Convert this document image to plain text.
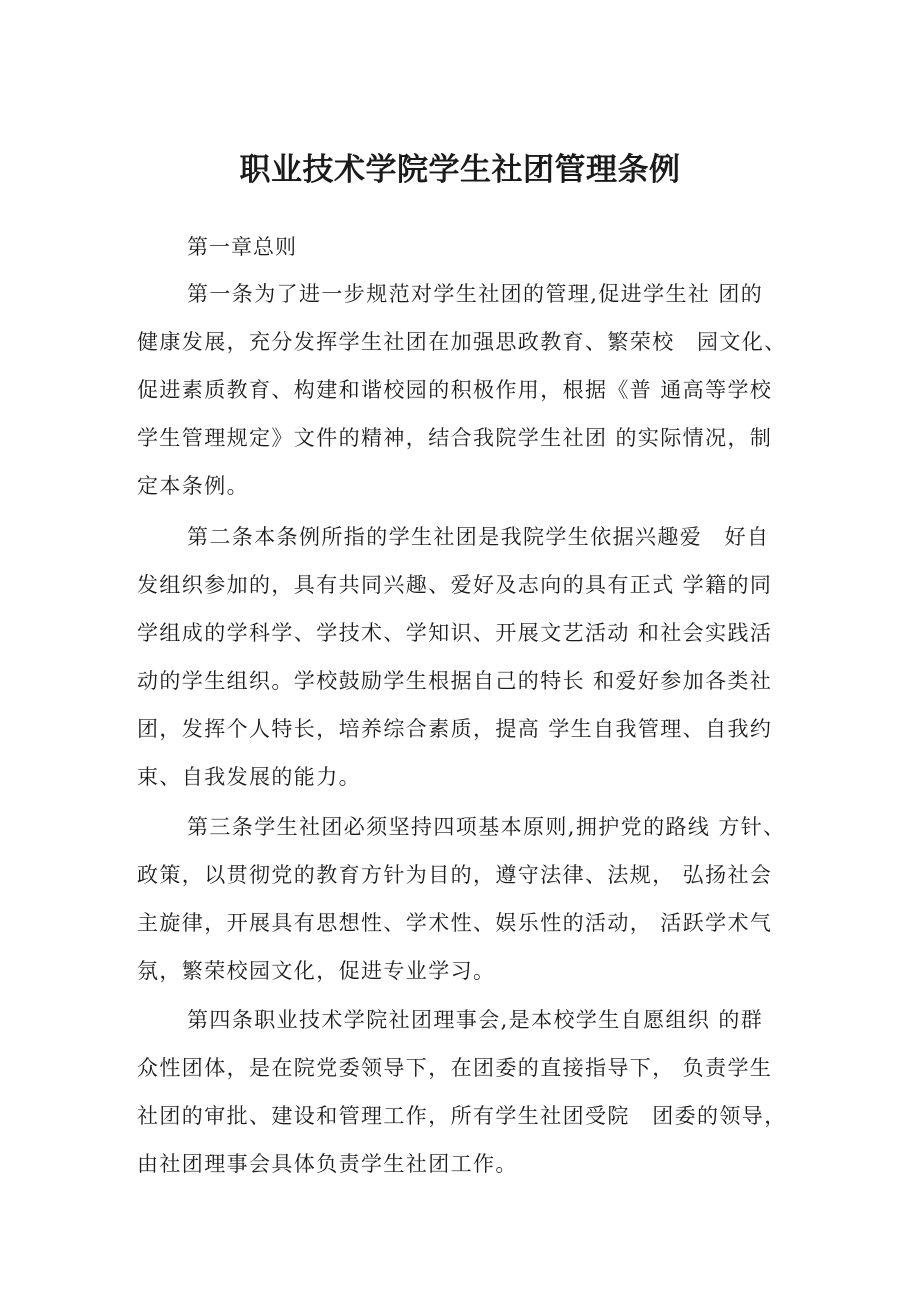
职业技术学院学生社团管理条例

第一章总则

第一条为了进一步规范对学生社团的管理,促进学生社 团的
健康发展，充分发挥学生社团在加强思政教育、繁荣校　园文化、
促进素质教育、构建和谐校园的积极作用，根据《普 通高等学校
学生管理规定》文件的精神，结合我院学生社团 的实际情况，制
定本条例。
第二条本条例所指的学生社团是我院学生依据兴趣爱　好自
发组织参加的，具有共同兴趣、爱好及志向的具有正式 学籍的同
学组成的学科学、学技术、学知识、开展文艺活动 和社会实践活
动的学生组织。学校鼓励学生根据自己的特长 和爱好参加各类社
团，发挥个人特长，培养综合素质，提高 学生自我管理、自我约
束、自我发展的能力。
第三条学生社团必须坚持四项基本原则,拥护党的路线 方针、
政策，以贯彻党的教育方针为目的，遵守法律、法规， 弘扬社会
主旋律，开展具有思想性、学术性、娱乐性的活动， 活跃学术气
氛，繁荣校园文化，促进专业学习。
第四条职业技术学院社团理事会,是本校学生自愿组织 的群
众性团体，是在院党委领导下，在团委的直接指导下， 负责学生
社团的审批、建设和管理工作，所有学生社团受院　团委的领导，
由社团理事会具体负责学生社团工作。
